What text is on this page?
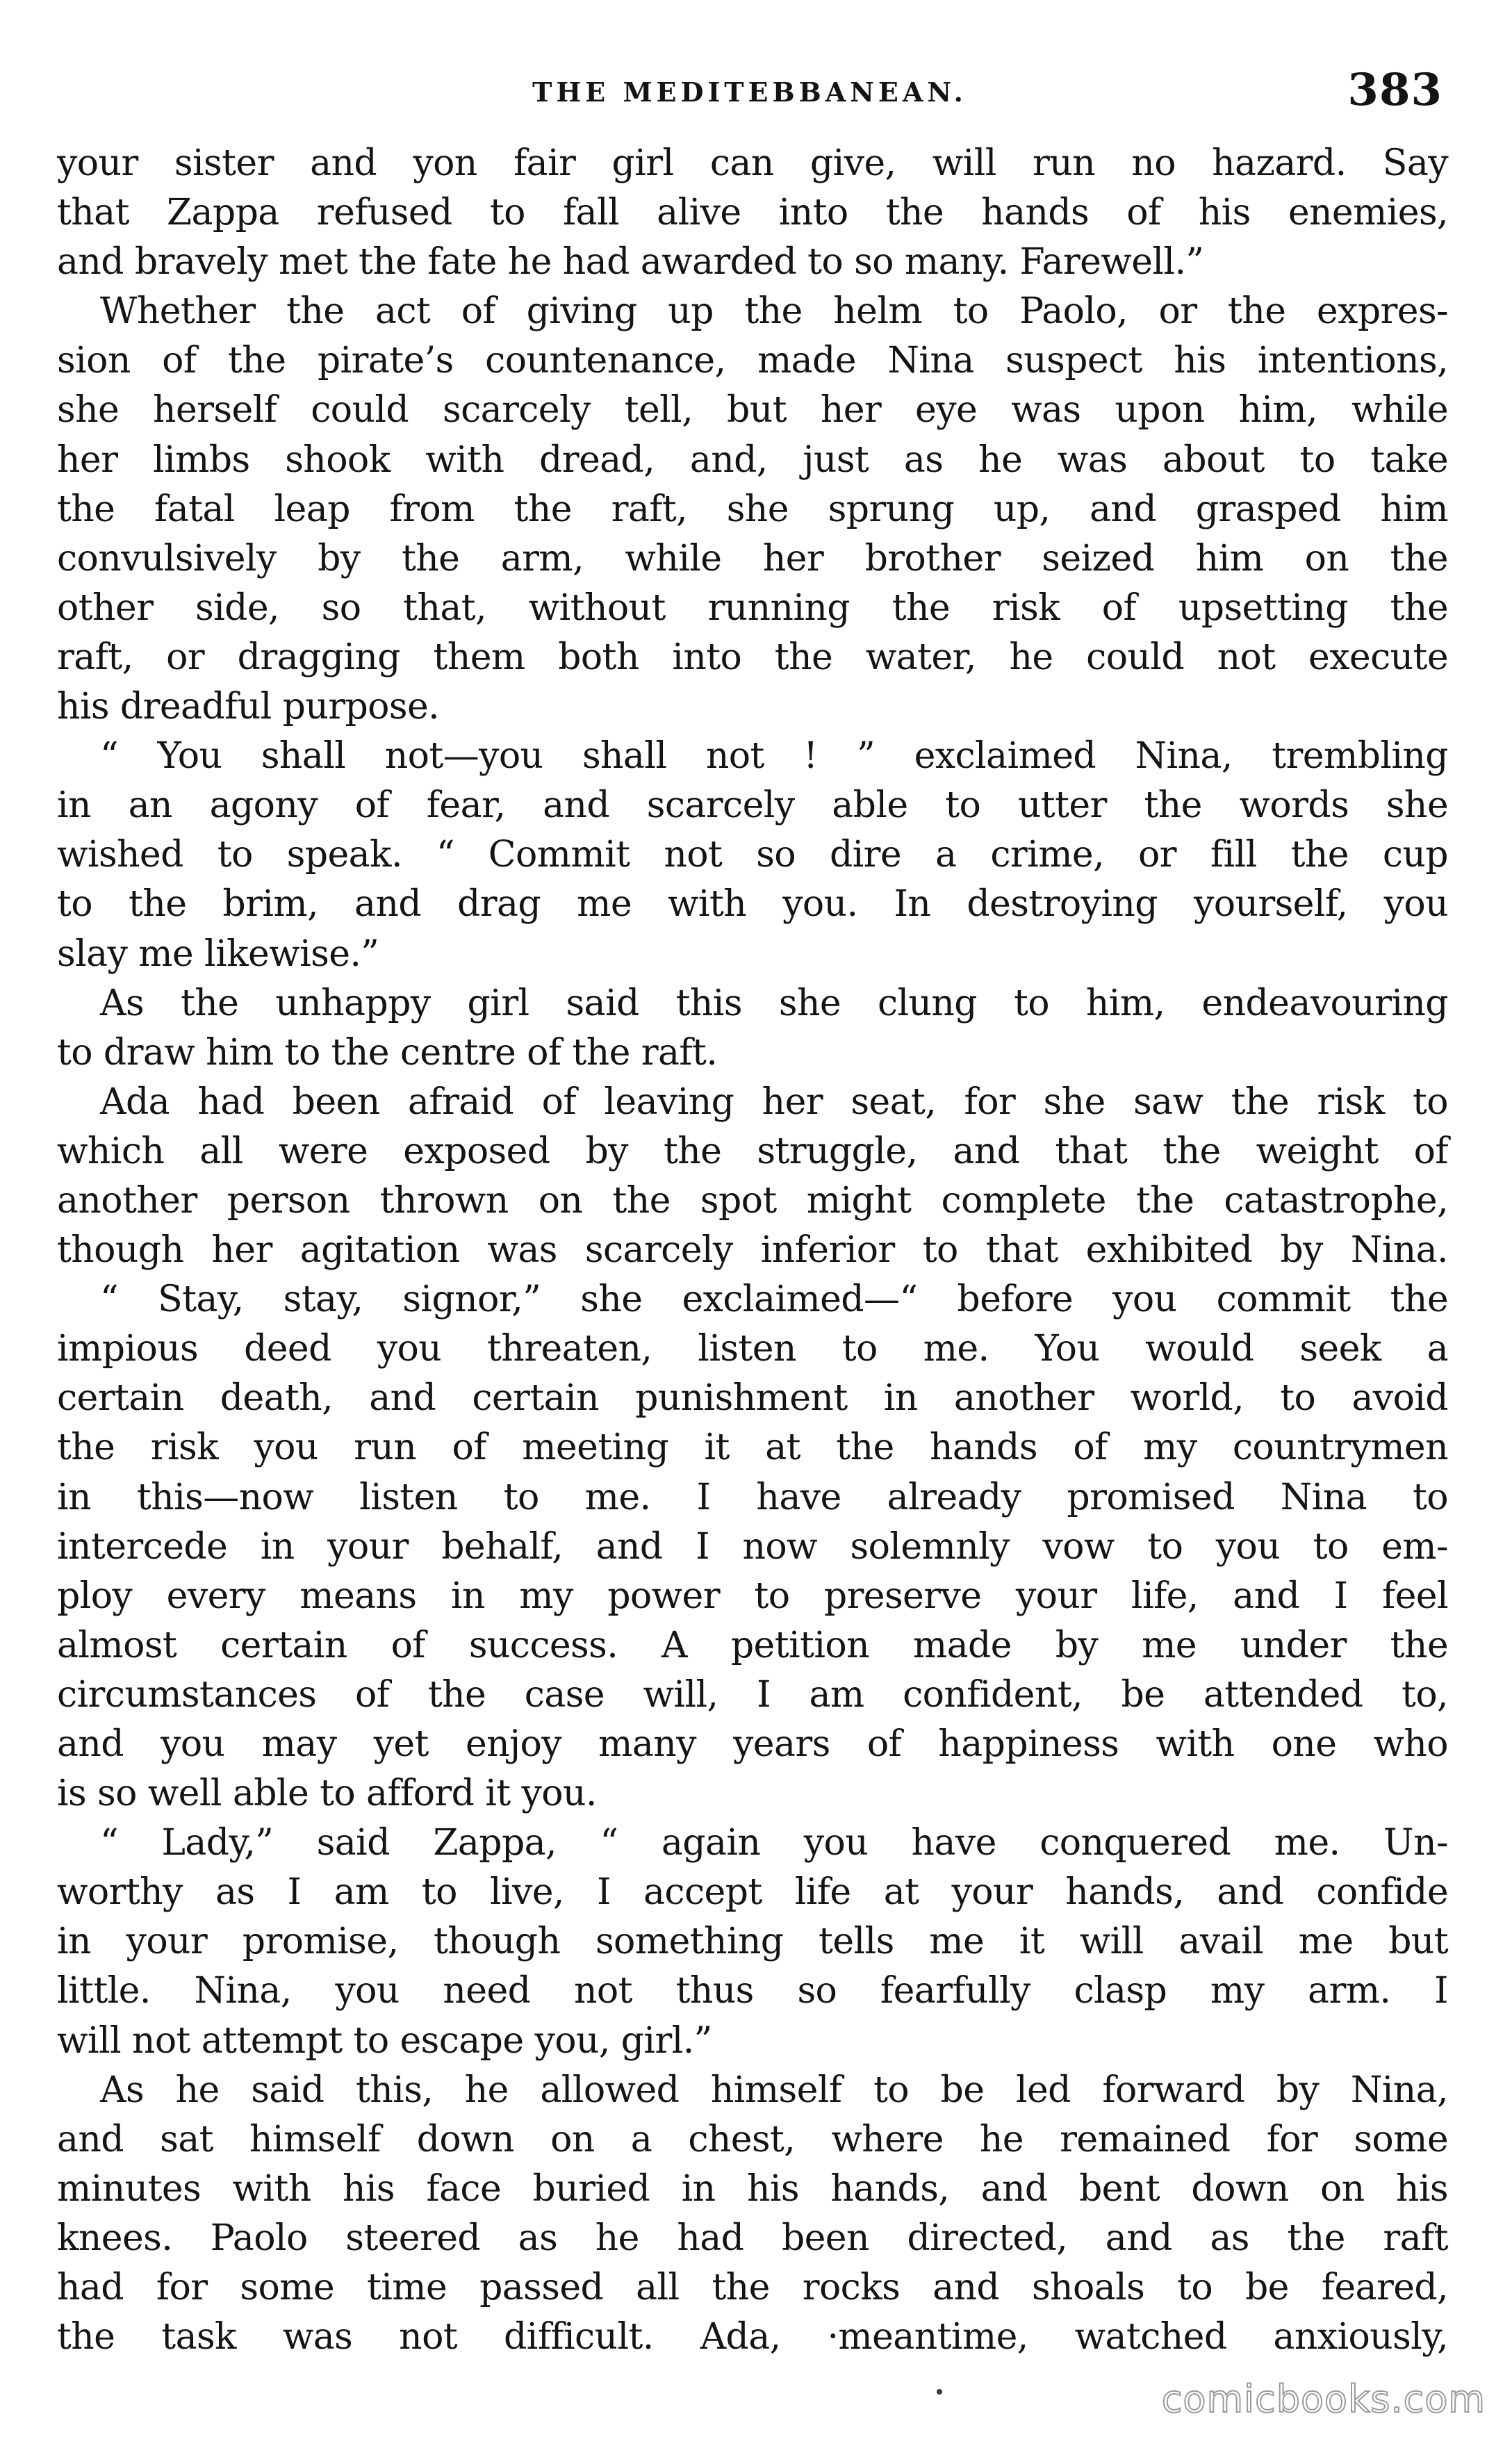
THE MEDITEBBANEAN.	383
your sister and yon fair girl can give, will run no hazard. Say
that Zappa refused to fall alive into the hands of his enemies,
and bravely met the fate he had awarded to so many. Farewell.”
Whether the act of giving up the helm to Paolo, or the expres-
sion of the pirate’s countenance, made Nina suspect his intentions,
she herself could scarcely tell, but her eye was upon him, while
her limbs shook with dread, and, just as he was about to take
the fatal leap from the raft, she sprung up, and grasped him
convulsively by the arm, while her brother seized him on the
other side, so that, without running the risk of upsetting the
raft, or dragging them both into the water, he could not execute
his dreadful purpose.
“ You shall not—you shall not ! ” exclaimed Nina, trembling
in an agony of fear, and scarcely able to utter the words she
wished to speak. “ Commit not so dire a crime, or fill the cup
to the brim, and drag me with you. In destroying yourself, you
slay me likewise.”
As the unhappy girl said this she clung to him, endeavouring
to draw him to the centre of the raft.
Ada had been afraid of leaving her seat, for she saw the risk to
which all were exposed by the struggle, and that the weight of
another person thrown on the spot might complete the catastrophe,
though her agitation was scarcely inferior to that exhibited by Nina.
“ Stay, stay, signor,” she exclaimed—“ before you commit the
impious deed you threaten, listen to me. You would seek a
certain death, and certain punishment in another world, to avoid
the risk you run of meeting it at the hands of my countrymen
in this—now listen to me. I have already promised Nina to
intercede in your behalf, and I now solemnly vow to you to em-
ploy every means in my power to preserve your life, and I feel
almost certain of success. A petition made by me under the
circumstances of the case will, I am confident, be attended to,
and you may yet enjoy many years of happiness with one who
is so well able to afford it you.
“ Lady,” said Zappa, “ again you have conquered me. Un-
worthy as I am to live, I accept life at your hands, and confide
in your promise, though something tells me it will avail me but
little. Nina, you need not thus so fearfully clasp my arm. I
will not attempt to escape you, girl.”
As he said this, he allowed himself to be led forward by Nina,
and sat himself down on a chest, where he remained for some
minutes with his face buried in his hands, and bent down on his
knees. Paolo steered as he had been directed, and as the raft
had for some time passed all the rocks and shoals to be feared,
the task was not difficult. Ada, ·meantime, watched anxiously,
comicbooks.com
